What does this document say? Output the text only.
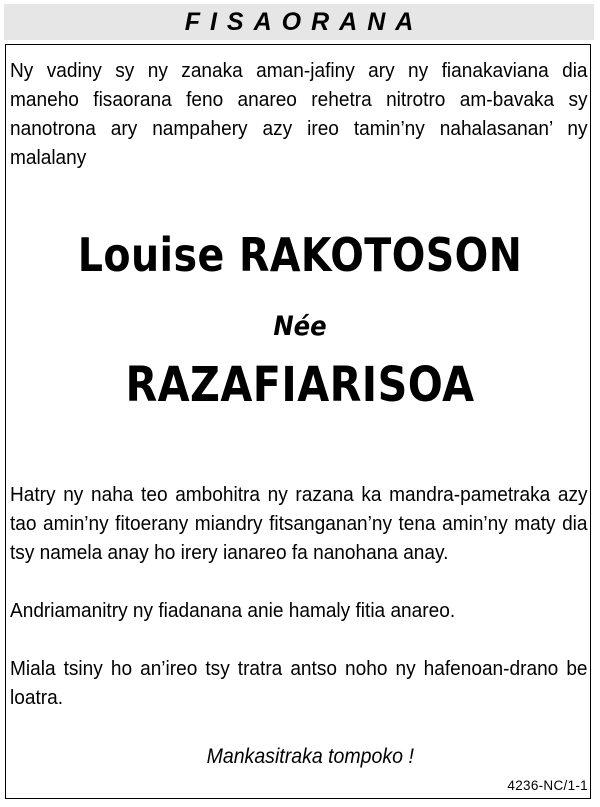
FISAORANA

Ny vadiny sy ny zanaka aman-jafiny ary ny fianakaviana dia maneho fisaorana feno anareo rehetra nitrotro am-bavaka sy nanotrona ary nampahery azy ireo tamin’ny nahalasanan’ ny malalany

Louise RAKOTOSON
Née
RAZAFIARISOA

Hatry ny naha teo ambohitra ny razana ka mandra-pametraka azy tao amin’ny fitoerany miandry fitsanganan’ny tena amin’ny maty dia tsy namela anay ho irery ianareo fa nanohana anay.

Andriamanitry ny fiadanana anie hamaly fitia anareo.

Miala tsiny ho an’ireo tsy tratra antso noho ny hafenoan-drano be loatra.

Mankasitraka tompoko !
4236-NC/1-1
